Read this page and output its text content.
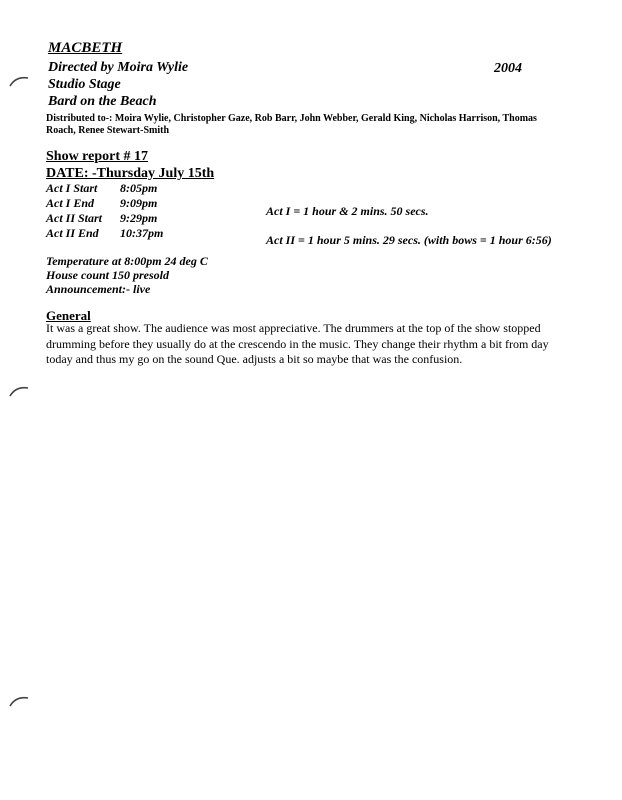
MACBETH
Directed by Moira Wylie	2004
Studio Stage
Bard on the Beach
Distributed to-: Moira Wylie, Christopher Gaze, Rob Barr, John Webber, Gerald King, Nicholas Harrison, Thomas
Roach, Renee Stewart-Smith
Show report # 17
DATE: -Thursday July 15th
Act I Start 8:05pm
Act I End 9:09pm
Act II Start 9:29pm
Act II End 10:37pm
Act I = 1 hour & 2 mins. 50 secs.
Act II = 1 hour 5 mins. 29 secs. (with bows = 1 hour 6:56)
Temperature at 8:00pm 24 deg C
House count 150 presold
Announcement:- live
General
It was a great show. The audience was most appreciative. The drummers at the top of the show stopped
drumming before they usually do at the crescendo in the music. They change their rhythm a bit from day
today and thus my go on the sound Que. adjusts a bit so maybe that was the confusion.
